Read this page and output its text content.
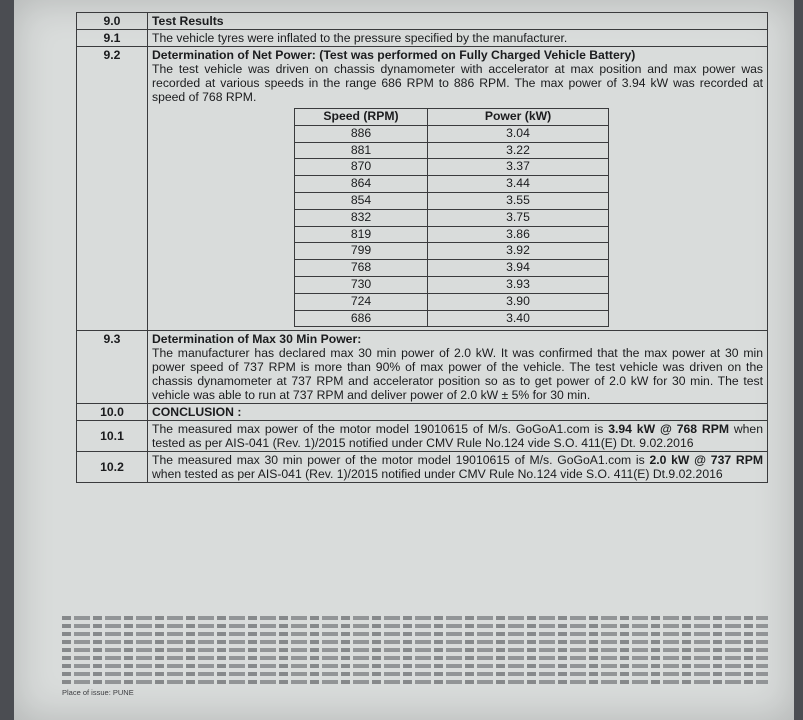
9.0	Test Results
9.1	The vehicle tyres were inflated to the pressure specified by the manufacturer.
9.2	Determination of Net Power: (Test was performed on Fully Charged Vehicle Battery)
The test vehicle was driven on chassis dynamometer with accelerator at max position and max power was recorded at various speeds in the range 686 RPM to 886 RPM. The max power of 3.94 kW was recorded at speed of 768 RPM.
Speed (RPM)	Power (kW)
886	3.04
881	3.22
870	3.37
864	3.44
854	3.55
832	3.75
819	3.86
799	3.92
768	3.94
730	3.93
724	3.90
686	3.40

9.3	Determination of Max 30 Min Power:
The manufacturer has declared max 30 min power of 2.0 kW. It was confirmed that the max power at 30 min power speed of 737 RPM is more than 90% of max power of the vehicle. The test vehicle was driven on the chassis dynamometer at 737 RPM and accelerator position so as to get power of 2.0 kW for 30 min. The test vehicle was able to run at 737 RPM and deliver power of 2.0 kW ± 5% for 30 min.

10.0	CONCLUSION :
10.1	The measured max power of the motor model 19010615 of M/s. GoGoA1.com is 3.94 kW @ 768 RPM when tested as per AIS-041 (Rev. 1)/2015 notified under CMV Rule No.124 vide S.O. 411(E) Dt. 9.02.2016
10.2	The measured max 30 min power of the motor model 19010615 of M/s. GoGoA1.com is 2.0 kW @ 737 RPM when tested as per AIS-041 (Rev. 1)/2015 notified under CMV Rule No.124 vide S.O. 411(E) Dt.9.02.2016
Place of issue: PUNE
